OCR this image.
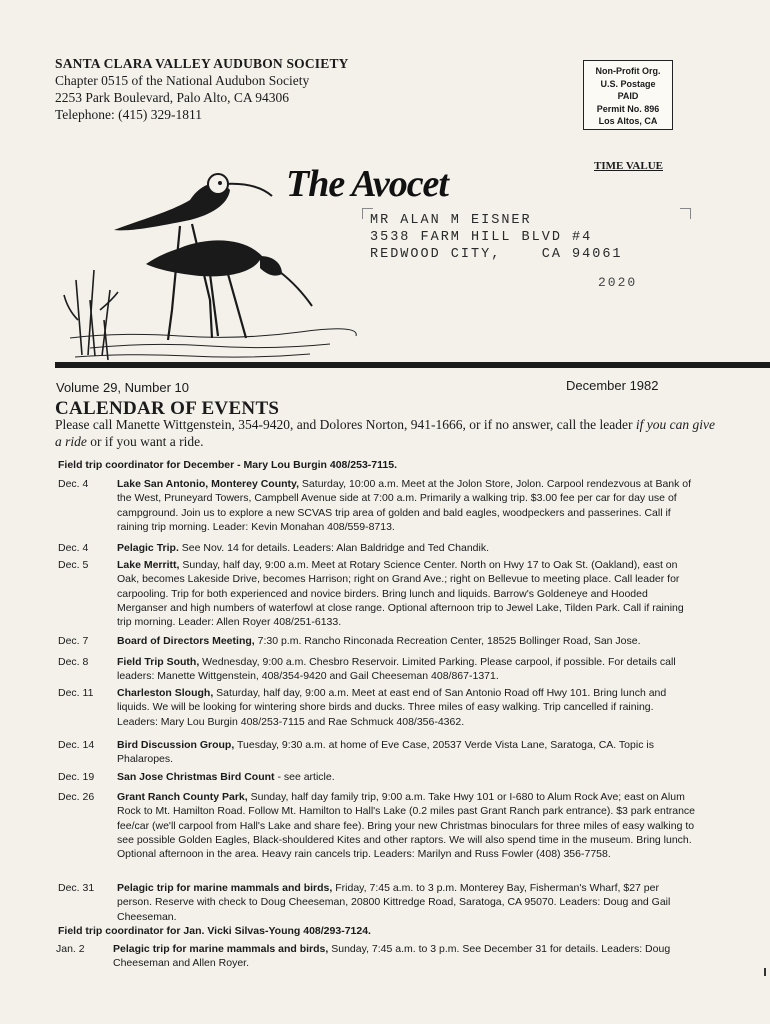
SANTA CLARA VALLEY AUDUBON SOCIETY
Chapter 0515 of the National Audubon Society
2253 Park Boulevard, Palo Alto, CA 94306
Telephone: (415) 329-1811
Non-Profit Org.
U.S. Postage
PAID
Permit No. 896
Los Altos, CA
TIME VALUE
The Avocet
MR ALAN M EISNER
3538 FARM HILL BLVD #4
REDWOOD CITY,    CA 94061
2020
Volume 29, Number 10	December 1982
CALENDAR OF EVENTS
Please call Manette Wittgenstein, 354-9420, and Dolores Norton, 941-1666, or if no answer, call the leader if you can give a ride or if you want a ride.
Field trip coordinator for December - Mary Lou Burgin 408/253-7115.
Dec. 4	Lake San Antonio, Monterey County, Saturday, 10:00 a.m. Meet at the Jolon Store, Jolon. Carpool rendezvous at Bank of the West, Pruneyard Towers, Campbell Avenue side at 7:00 a.m. Primarily a walking trip. $3.00 fee per car for day use of campground. Join us to explore a new SCVAS trip area of golden and bald eagles, woodpeckers and passerines. Call if raining trip morning. Leader: Kevin Monahan 408/559-8713.
Dec. 4	Pelagic Trip. See Nov. 14 for details. Leaders: Alan Baldridge and Ted Chandik.
Dec. 5	Lake Merritt, Sunday, half day, 9:00 a.m. Meet at Rotary Science Center. North on Hwy 17 to Oak St. (Oakland), east on Oak, becomes Lakeside Drive, becomes Harrison; right on Grand Ave.; right on Bellevue to meeting place. Call leader for carpooling. Trip for both experienced and novice birders. Bring lunch and liquids. Barrow's Goldeneye and Hooded Merganser and high numbers of waterfowl at close range. Optional afternoon trip to Jewel Lake, Tilden Park. Call if raining trip morning. Leader: Allen Royer 408/251-6133.
Dec. 7	Board of Directors Meeting, 7:30 p.m. Rancho Rinconada Recreation Center, 18525 Bollinger Road, San Jose.
Dec. 8	Field Trip South, Wednesday, 9:00 a.m. Chesbro Reservoir. Limited Parking. Please carpool, if possible. For details call leaders: Manette Wittgenstein, 408/354-9420 and Gail Cheeseman 408/867-1371.
Dec. 11 Charleston Slough, Saturday, half day, 9:00 a.m. Meet at east end of San Antonio Road off Hwy 101. Bring lunch and liquids. We will be looking for wintering shore birds and ducks. Three miles of easy walking. Trip cancelled if raining. Leaders: Mary Lou Burgin 408/253-7115 and Rae Schmuck 408/356-4362.
Dec. 14 Bird Discussion Group, Tuesday, 9:30 a.m. at home of Eve Case, 20537 Verde Vista Lane, Saratoga, CA. Topic is Phalaropes.
Dec. 19 San Jose Christmas Bird Count - see article.
Dec. 26 Grant Ranch County Park, Sunday, half day family trip, 9:00 a.m. Take Hwy 101 or I-680 to Alum Rock Ave; east on Alum Rock to Mt. Hamilton Road. Follow Mt. Hamilton to Hall's Lake (0.2 miles past Grant Ranch park entrance). $3 park entrance fee/car (we'll carpool from Hall's Lake and share fee). Bring your new Christmas binoculars for three miles of easy walking to see possible Golden Eagles, Black-shouldered Kites and other raptors. We will also spend time in the museum. Bring lunch. Optional afternoon in the area. Heavy rain cancels trip. Leaders: Marilyn and Russ Fowler (408) 356-7758.
Dec. 31 Pelagic trip for marine mammals and birds, Friday, 7:45 a.m. to 3 p.m. Monterey Bay, Fisherman's Wharf, $27 per person. Reserve with check to Doug Cheeseman, 20800 Kittredge Road, Saratoga, CA 95070. Leaders: Doug and Gail Cheeseman.
Field trip coordinator for Jan. Vicki Silvas-Young 408/293-7124.
Jan. 2	Pelagic trip for marine mammals and birds, Sunday, 7:45 a.m. to 3 p.m. See December 31 for details. Leaders: Doug Cheeseman and Allen Royer.
